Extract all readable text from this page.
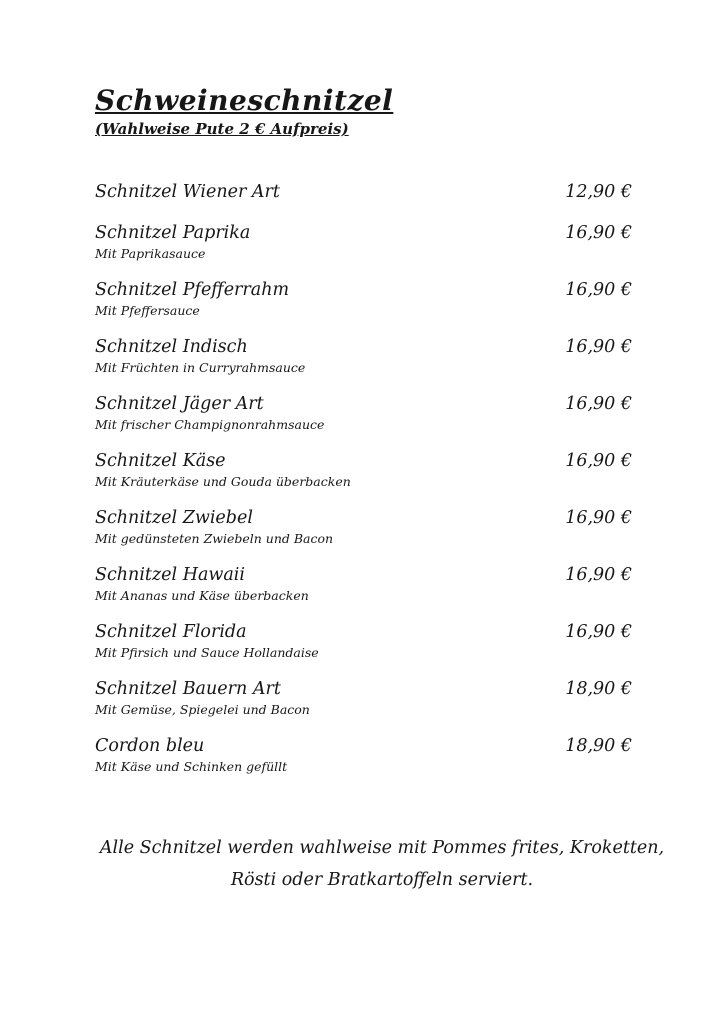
Schweineschnitzel
(Wahlweise Pute 2 € Aufpreis)
Schnitzel Wiener Art	12,90 €
Schnitzel Paprika	16,90 €
Mit Paprikasauce
Schnitzel Pfefferrahm	16,90 €
Mit Pfeffersauce
Schnitzel Indisch	16,90 €
Mit Früchten in Curryrahmsauce
Schnitzel Jäger Art	16,90 €
Mit frischer Champignonrahmsauce
Schnitzel Käse	16,90 €
Mit Kräuterkäse und Gouda überbacken
Schnitzel Zwiebel	16,90 €
Mit gedünsteten Zwiebeln und Bacon
Schnitzel Hawaii	16,90 €
Mit Ananas und Käse überbacken
Schnitzel Florida	16,90 €
Mit Pfirsich und Sauce Hollandaise
Schnitzel Bauern Art	18,90 €
Mit Gemüse, Spiegelei und Bacon
Cordon bleu	18,90 €
Mit Käse und Schinken gefüllt

Alle Schnitzel werden wahlweise mit Pommes frites, Kroketten, Rösti oder Bratkartoffeln serviert.
